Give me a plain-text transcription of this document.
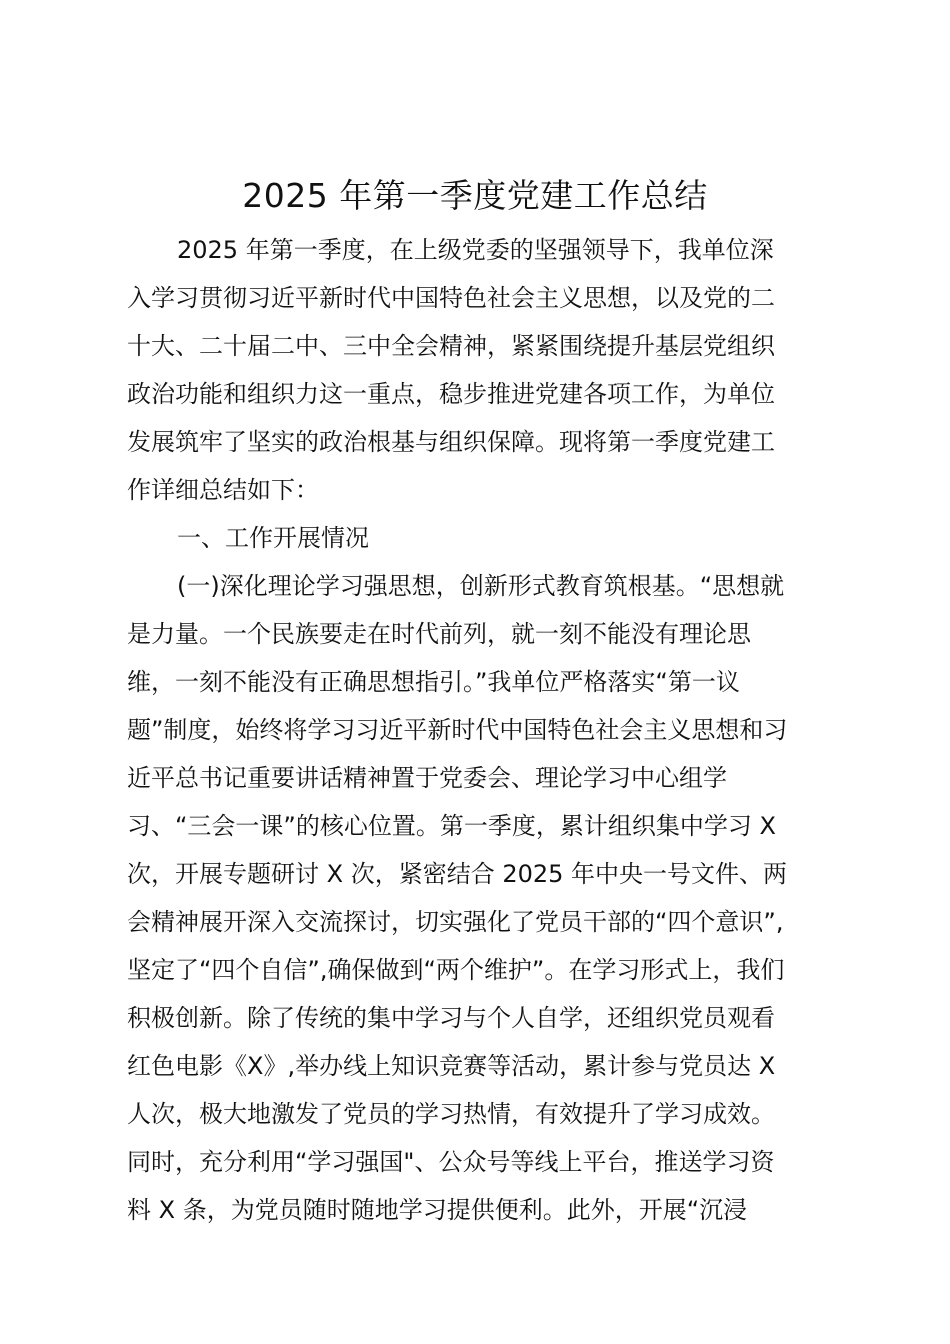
2025 年第一季度党建工作总结
2025 年第一季度，在上级党委的坚强领导下，我单位深
入学习贯彻习近平新时代中国特色社会主义思想，以及党的二
十大、二十届二中、三中全会精神，紧紧围绕提升基层党组织
政治功能和组织力这一重点，稳步推进党建各项工作，为单位
发展筑牢了坚实的政治根基与组织保障。现将第一季度党建工
作详细总结如下：
一、工作开展情况
(一)深化理论学习强思想，创新形式教育筑根基。“思想就
是力量。一个民族要走在时代前列，就一刻不能没有理论思
维，一刻不能没有正确思想指引。”我单位严格落实“第一议
题”制度，始终将学习习近平新时代中国特色社会主义思想和习
近平总书记重要讲话精神置于党委会、理论学习中心组学
习、“三会一课”的核心位置。第一季度，累计组织集中学习 X
次，开展专题研讨 X 次，紧密结合 2025 年中央一号文件、两
会精神展开深入交流探讨，切实强化了党员干部的“四个意识”,
坚定了“四个自信”,确保做到“两个维护”。在学习形式上，我们
积极创新。除了传统的集中学习与个人自学，还组织党员观看
红色电影《X》,举办线上知识竞赛等活动，累计参与党员达 X
人次，极大地激发了党员的学习热情，有效提升了学习成效。
同时，充分利用“学习强国"、公众号等线上平台，推送学习资
料 X 条，为党员随时随地学习提供便利。此外，开展“沉浸
